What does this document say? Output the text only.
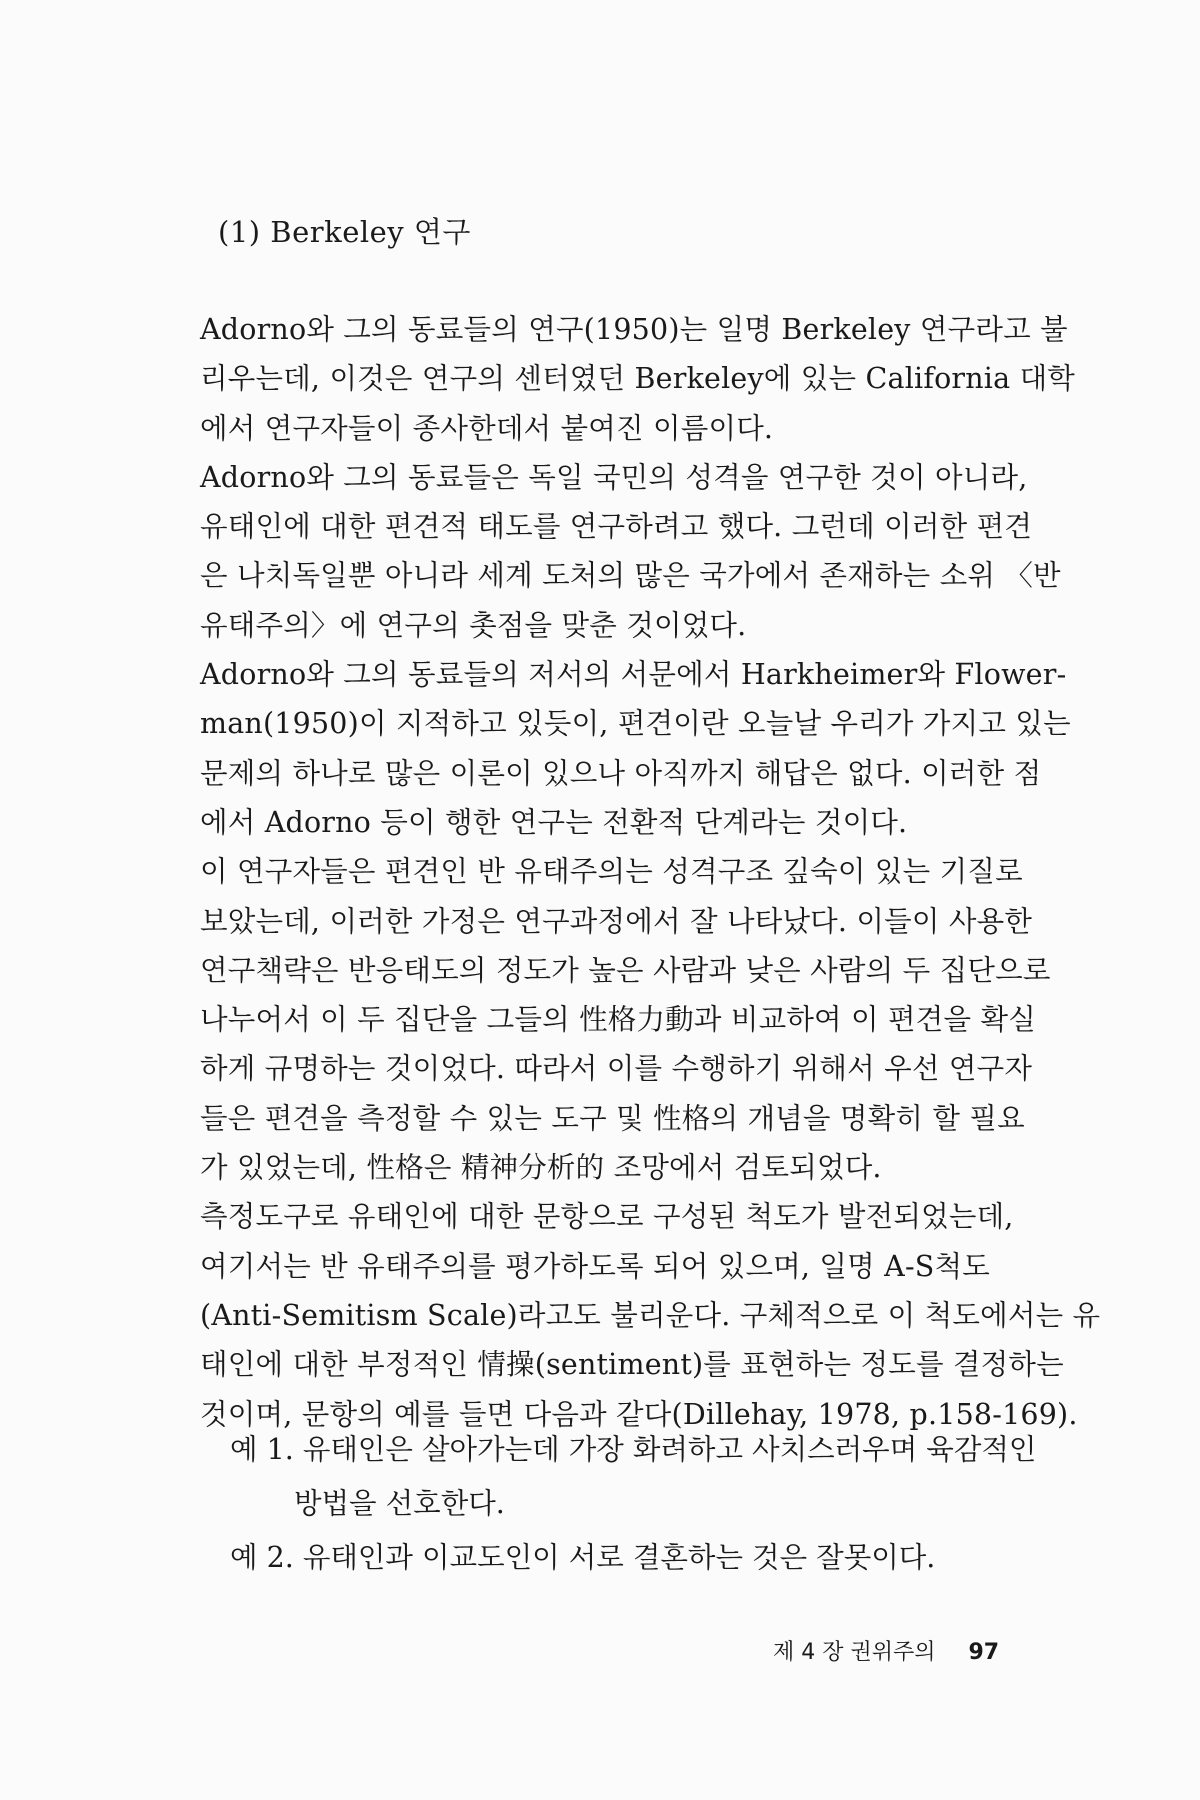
(1) Berkeley 연구
Adorno와 그의 동료들의 연구(1950)는 일명 Berkeley 연구라고 불
리우는데, 이것은 연구의 센터였던 Berkeley에 있는 California 대학
에서 연구자들이 종사한데서 붙여진 이름이다.
Adorno와 그의 동료들은 독일 국민의 성격을 연구한 것이 아니라,
유태인에 대한 편견적 태도를 연구하려고 했다. 그런데 이러한 편견
은 나치독일뿐 아니라 세계 도처의 많은 국가에서 존재하는 소위 〈반
유태주의〉에 연구의 촛점을 맞춘 것이었다.
Adorno와 그의 동료들의 저서의 서문에서 Harkheimer와 Flower-
man(1950)이 지적하고 있듯이, 편견이란 오늘날 우리가 가지고 있는
문제의 하나로 많은 이론이 있으나 아직까지 해답은 없다. 이러한 점
에서 Adorno 등이 행한 연구는 전환적 단계라는 것이다.
이 연구자들은 편견인 반 유태주의는 성격구조 깊숙이 있는 기질로
보았는데, 이러한 가정은 연구과정에서 잘 나타났다. 이들이 사용한
연구책략은 반응태도의 정도가 높은 사람과 낮은 사람의 두 집단으로
나누어서 이 두 집단을 그들의 性格力動과 비교하여 이 편견을 확실
하게 규명하는 것이었다. 따라서 이를 수행하기 위해서 우선 연구자
들은 편견을 측정할 수 있는 도구 및 性格의 개념을 명확히 할 필요
가 있었는데, 性格은 精神分析的 조망에서 검토되었다.
측정도구로 유태인에 대한 문항으로 구성된 척도가 발전되었는데,
여기서는 반 유태주의를 평가하도록 되어 있으며, 일명 A-S척도
(Anti-Semitism Scale)라고도 불리운다. 구체적으로 이 척도에서는 유
태인에 대한 부정적인 情操(sentiment)를 표현하는 정도를 결정하는
것이며, 문항의 예를 들면 다음과 같다(Dillehay, 1978, p.158-169).
예 1. 유태인은 살아가는데 가장 화려하고 사치스러우며 육감적인
방법을 선호한다.
예 2. 유태인과 이교도인이 서로 결혼하는 것은 잘못이다.
제 4 장 권위주의 97
